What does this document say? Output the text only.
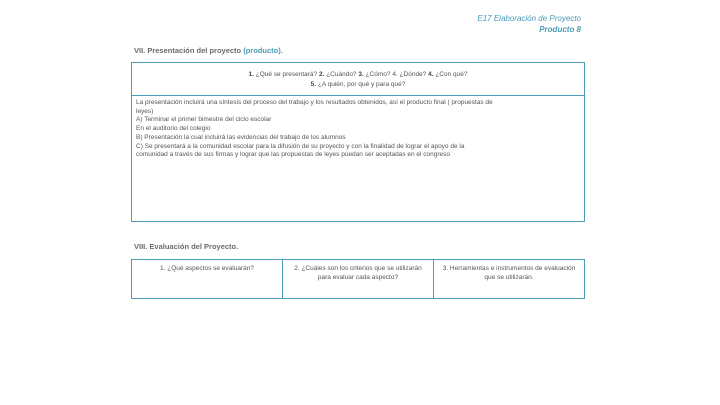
E17 Elaboración de Proyecto
Producto 8
VII. Presentación del proyecto (producto).
1. ¿Qué se presentará? 2. ¿Cuándo? 3. ¿Cómo? 4. ¿Dónde? 4. ¿Con qué?
5. ¿A quién, por qué y para qué?
La presentación incluirá una síntesis del proceso del trabajo y los resultados obtenidos, así el producto final ( propuestas de
leyes)
A) Terminar el primer bimestre del ciclo escolar
En el auditorio del colegio
B) Presentación la cual incluirá las evidencias del trabajo de los alumnos
C) Se presentará a la comunidad escolar para la difusión de su proyecto y con la finalidad de lograr el apoyo de la
comunidad a través de sus firmas y lograr que las propuestas de leyes puedan ser aceptadas en el congreso
VIII. Evaluación del Proyecto.
1. ¿Qué aspectos se evaluarán?	2. ¿Cuáles son los criterios que se utilizarán para evaluar cada aspecto?
3. Herramientas e instrumentos de evaluación que se utilizarán.
